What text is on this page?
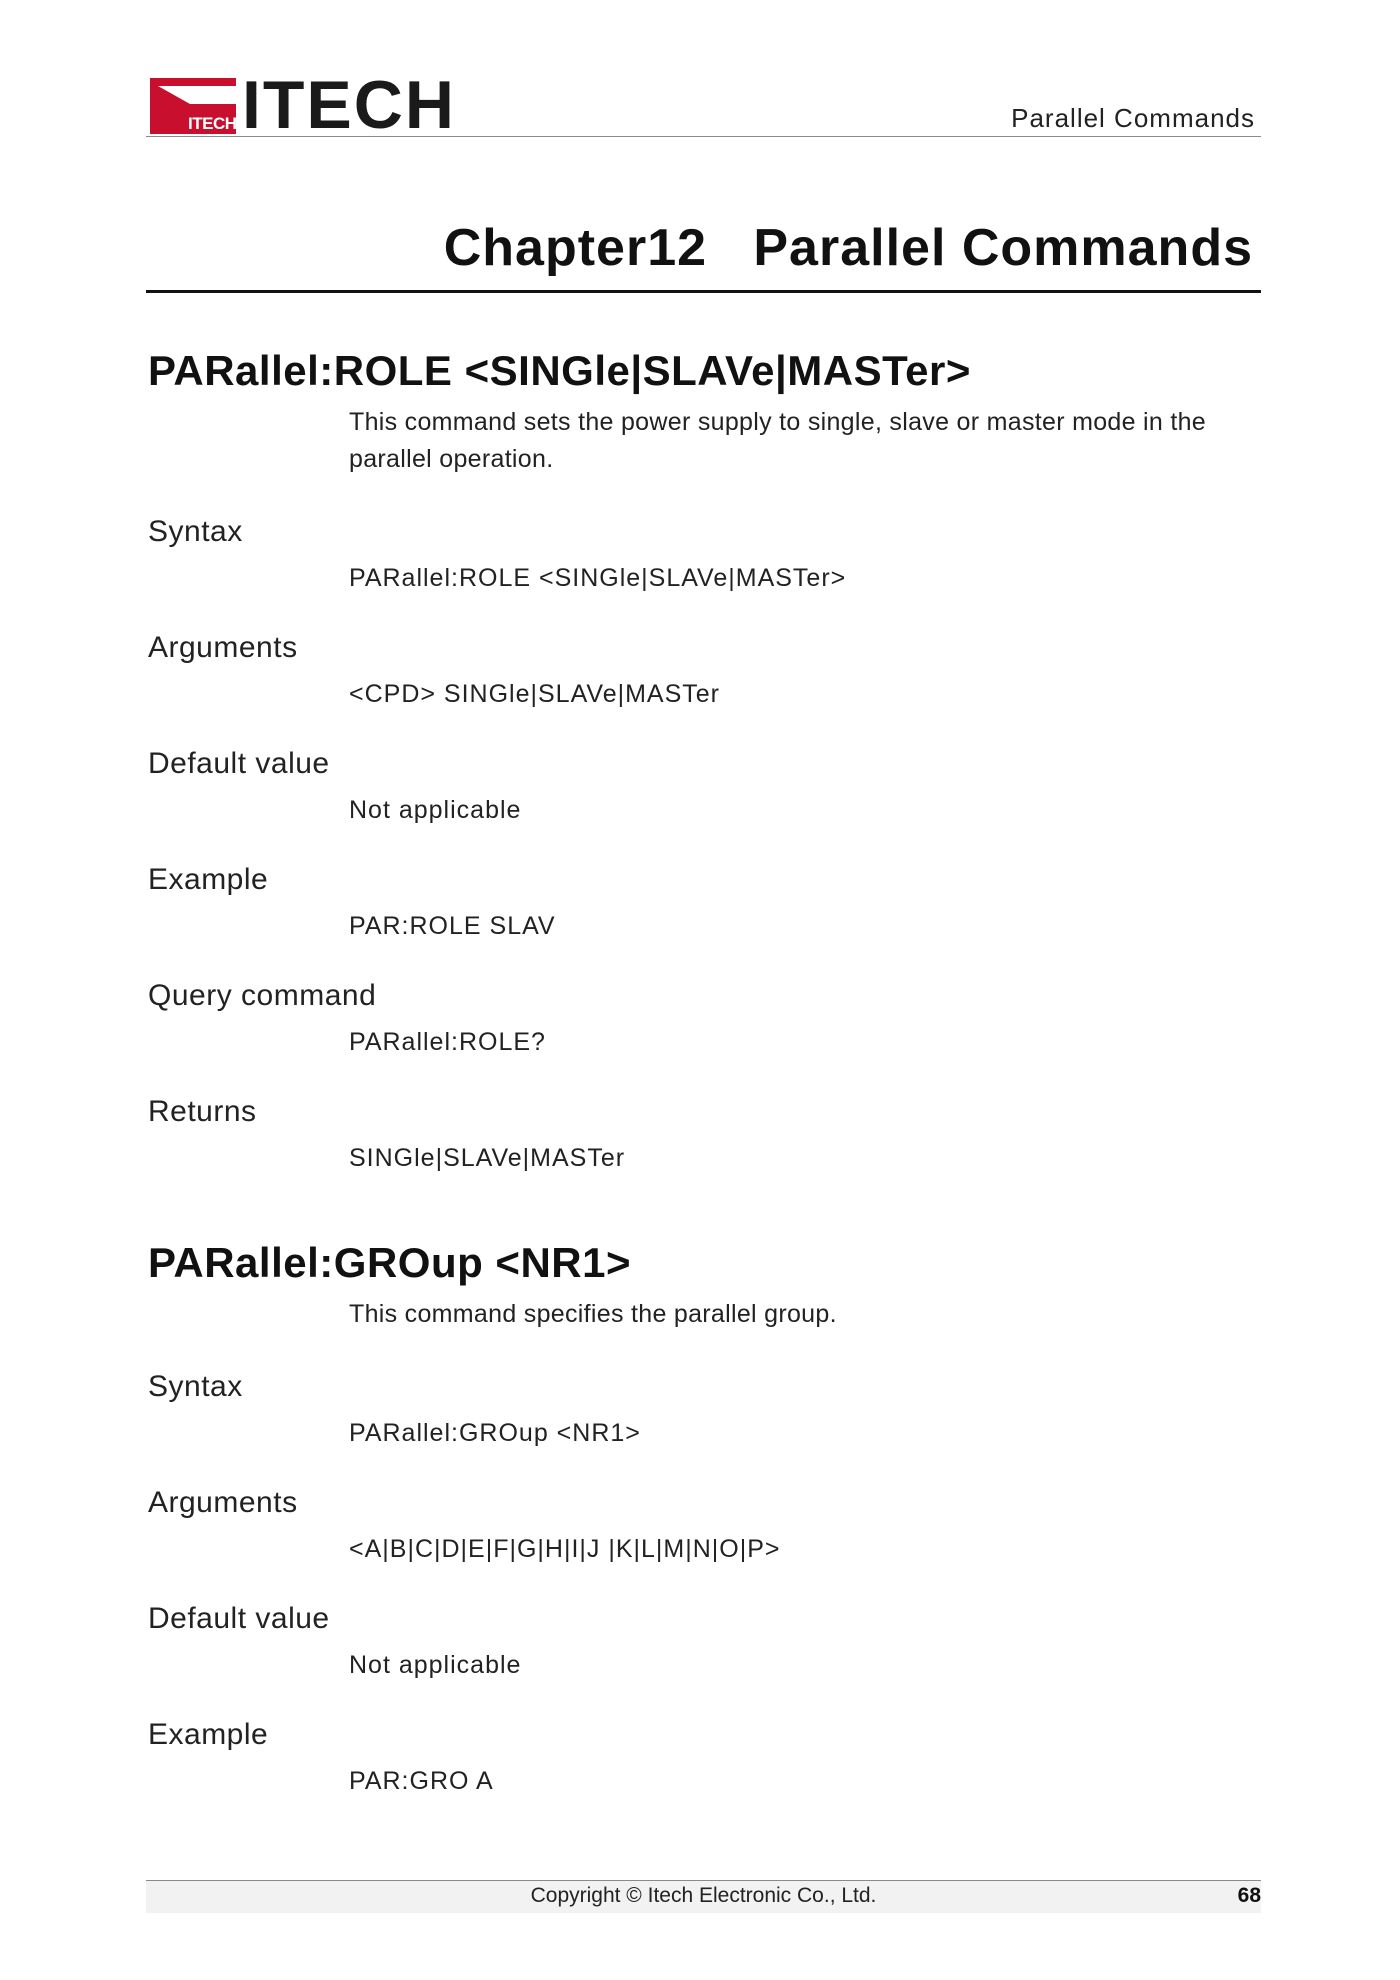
ITECH ITECH	Parallel Commands
Chapter12   Parallel Commands
PARallel:ROLE <SINGle|SLAVe|MASTer>
This command sets the power supply to single, slave or master mode in the parallel operation.
Syntax
PARallel:ROLE <SINGle|SLAVe|MASTer>
Arguments
<CPD> SINGle|SLAVe|MASTer
Default value
Not applicable
Example
PAR:ROLE SLAV
Query command
PARallel:ROLE?
Returns
SINGle|SLAVe|MASTer
PARallel:GROup <NR1>
This command specifies the parallel group.
Syntax
PARallel:GROup <NR1>
Arguments
<A|B|C|D|E|F|G|H|I|J |K|L|M|N|O|P>
Default value
Not applicable
Example
PAR:GRO A
Copyright © Itech Electronic Co., Ltd.	68
